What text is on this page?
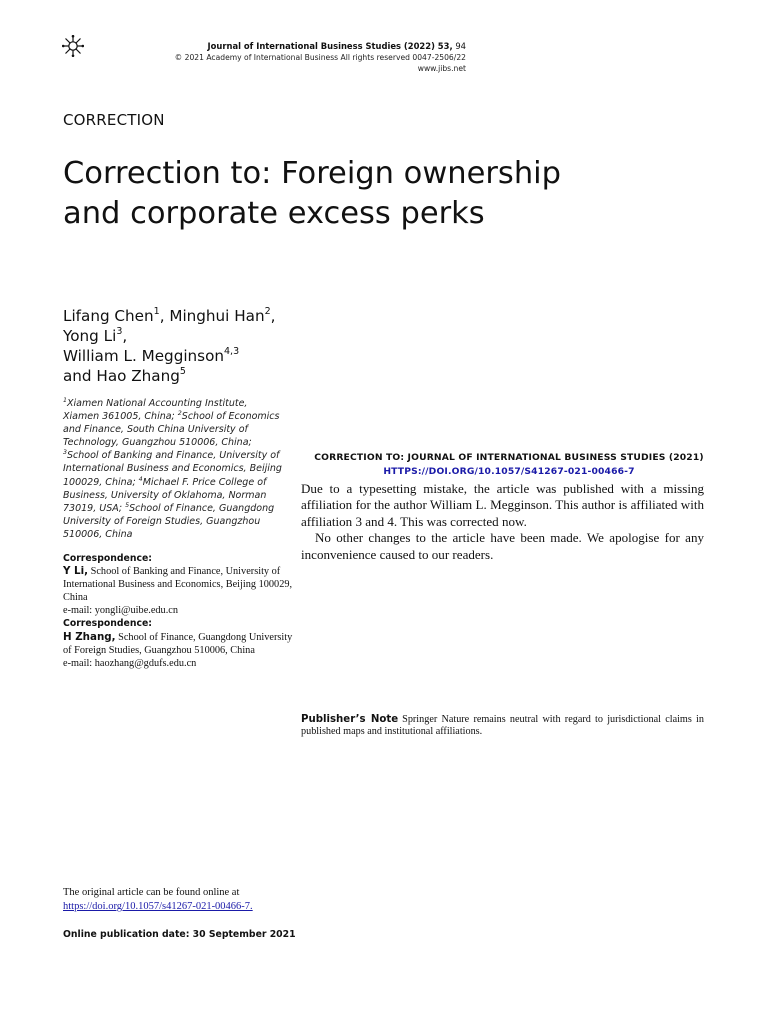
Journal of International Business Studies (2022) 53, 94
© 2021 Academy of International Business All rights reserved 0047-2506/22
www.jibs.net
CORRECTION
Correction to: Foreign ownership
and corporate excess perks
Lifang Chen$^1$, Minghui Han$^2$,
Yong Li$^3$,
William L. Megginson$^{4,3}$
and Hao Zhang$^5$
$^1$Xiamen National Accounting Institute, Xiamen 361005, China; $^2$School of Economics and Finance, South China University of Technology, Guangzhou 510006, China; $^3$School of Banking and Finance, University of International Business and Economics, Beijing 100029, China; $^4$Michael F. Price College of Business, University of Oklahoma, Norman 73019, USA; $^5$School of Finance, Guangdong University of Foreign Studies, Guangzhou 510006, China
Correspondence:
Y Li, School of Banking and Finance, University of International Business and Economics, Beijing 100029, China
e-mail: yongli@uibe.edu.cn
Correspondence:
H Zhang, School of Finance, Guangdong University of Foreign Studies, Guangzhou 510006, China
e-mail: haozhang@gdufs.edu.cn
CORRECTION TO: JOURNAL OF INTERNATIONAL BUSINESS STUDIES (2021)
HTTPS://DOI.ORG/10.1057/S41267-021-00466-7

Due to a typesetting mistake, the article was published with a missing affiliation for the author William L. Megginson. This author is affiliated with affiliation 3 and 4. This was corrected now.

No other changes to the article have been made. We apologise for any inconvenience caused to our readers.

Publisher’s Note Springer Nature remains neutral with regard to jurisdictional claims in published maps and institutional affiliations.
The original article can be found online at
https://doi.org/10.1057/s41267-021-00466-7.
Online publication date: 30 September 2021
